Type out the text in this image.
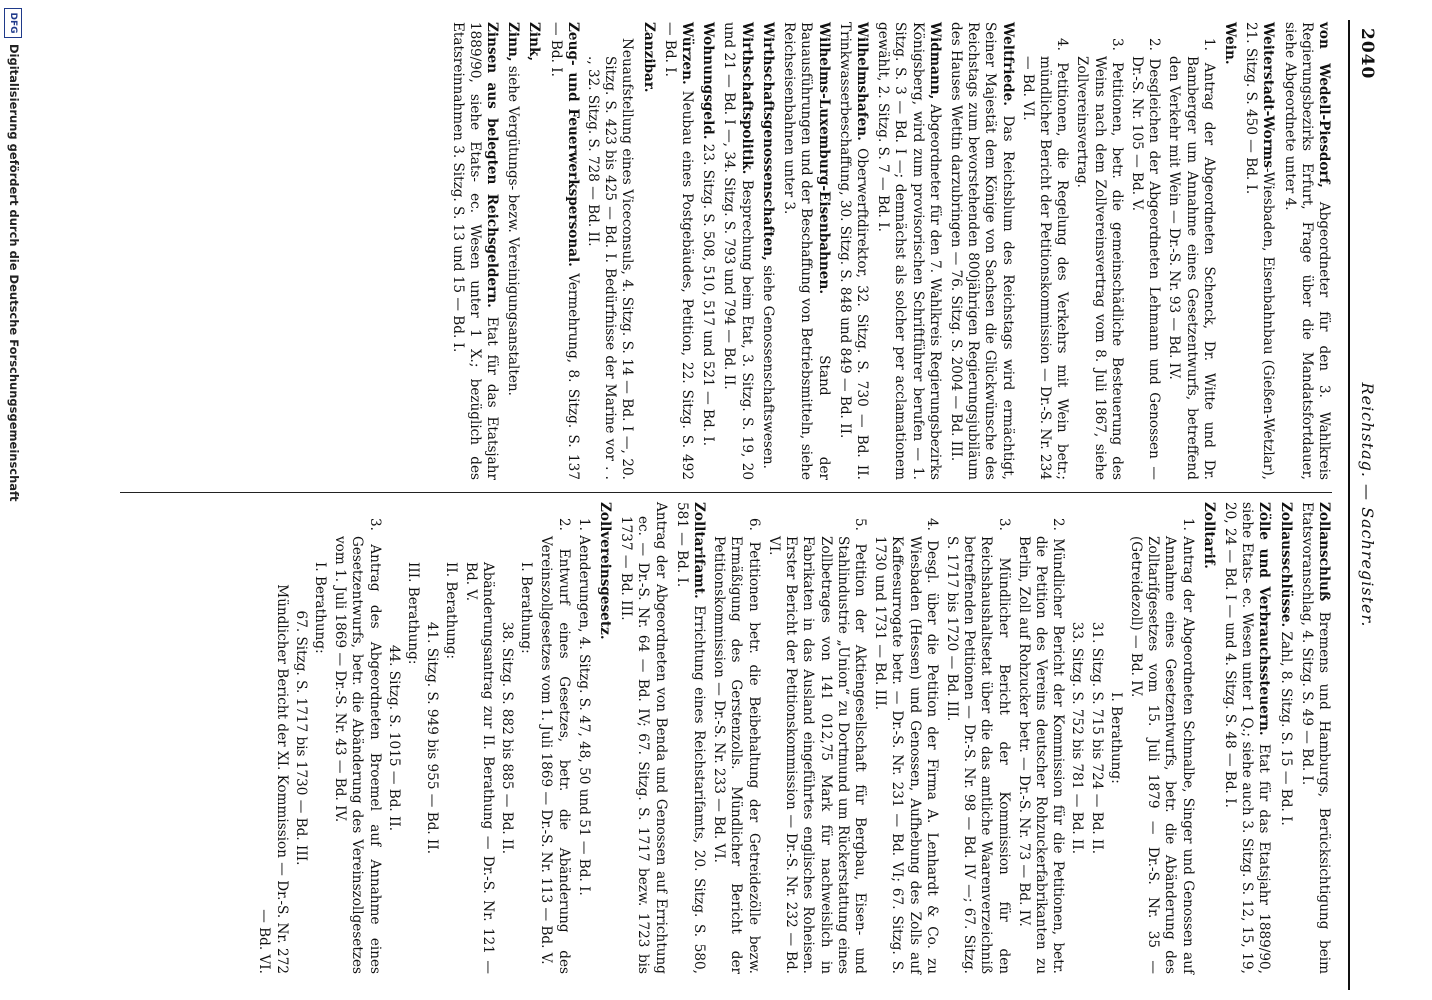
2040
Reichstag. — Sachregister.
von Wedell-Piesdorf, Abgeordneter für den 3. Wahlkreis Regierungsbezirks Erfurt, Frage über die Mandatsfortdauer, siehe Abgeordnete unter 4.
Weiterstadt-Worms-Wiesbaden, Eisenbahnbau (Gießen-Wetzlar), 21. Sitzg. S. 450 — Bd. I.
Wein.
1. Antrag der Abgeordneten Schenck, Dr. Witte und Dr. Bamberger um Annahme eines Gesetzentwurfs, betreffend den Verkehr mit Wein — Dr.-S. Nr. 93 — Bd. IV.
2. Desgleichen der Abgeordneten Lehmann und Genossen — Dr.-S. Nr. 105 — Bd. V.
3. Petitionen, betr. die gemeinschädliche Besteuerung des Weins nach dem Zollvereinsvertrag vom 8. Juli 1867, siehe Zollvereinsvertrag.
4. Petitionen, die Regelung des Verkehrs mit Wein betr.; mündlicher Bericht der Petitionskommission — Dr.-S. Nr. 234 — Bd. VI.
Weltfriede. Das Reichsblum des Reichstags wird ermächtigt, Seiner Majestät dem Könige von Sachsen die Glückwünsche des Reichstags zum bevorstehenden 800jährigen Regierungsjubiläum des Hauses Wettin darzubringen — 76. Sitzg. S. 2004 — Bd. III.
Widmann, Abgeordneter für den 7. Wahlkreis Regierungsbezirks Königsberg, wird zum provisorischen Schriftführer berufen — 1. Sitzg. S. 3 — Bd. I —; demnächst als solcher per acclamationem gewählt, 2. Sitzg. S. 7 — Bd. I.
Wilhelmshafen. Oberwerftdirektor, 32. Sitzg. S. 730 — Bd. II. Trinkwasserbeschaffung, 30. Sitzg. S. 848 und 849 — Bd. II.
Wilhelms-Luxemburg-Eisenbahnen. Stand der Bauausführungen und der Beschaffung von Betriebsmitteln, siehe Reichseisenbahnen unter 3.
Wirthschaftsgenossenschaften, siehe Genossenschaftswesen.
Wirthschaftspolitik. Besprechung beim Etat, 3. Sitzg. S. 19, 20 und 21 — Bd. I —, 34. Sitzg. S. 793 und 794 — Bd. II.
Wohnungsgeld. 23. Sitzg. S. 508, 510, 517 und 521 — Bd. I.
Würzen. Neubau eines Postgebäudes, Petition, 22. Sitzg. S. 492 — Bd. I.
Zanzibar.
Neuaufstellung eines Viceconsuls, 4. Sitzg. S. 14 — Bd. I —, 20. Sitzg. S. 423 bis 425 — Bd. I. Bedürfnisse der Marine vor . . ., 32. Sitzg. S. 728 — Bd. II.
Zeug- und Feuerwerkspersonal. Vermehrung, 8. Sitzg. S. 137 — Bd. I.
Zink,
Zinn, siehe Vergütungs- bezw. Vereinigungsanstalten.
Zinsen aus belegten Reichsgeldern. Etat für das Etatsjahr 1889/90, siehe Etats- ec. Wesen unter 1 X.; bezüglich des Etatsreinnahmen 3. Sitzg. S. 13 und 15 — Bd. I.
Zollanschluß Bremens und Hamburgs, Berücksichtigung beim Etatsvoranschlag, 4. Sitzg. S. 49 — Bd. I.
Zollausschlüsse. Zahl, 8. Sitzg. S. 15 — Bd. I.
Zölle und Verbrauchssteuern. Etat für das Etatsjahr 1889/90, siehe Etats- ec. Wesen unter 1 Q.; siehe auch 3. Sitzg. S. 12, 15, 19, 20, 24 — Bd. I — und 4. Sitzg. S. 48 — Bd. I.
Zolltarif.
1. Antrag der Abgeordneten Schmalbe, Singer und Genossen auf Annahme eines Gesetzentwurfs, betr. die Abänderung des Zolltarifgesetzes vom 15. Juli 1879 — Dr.-S. Nr. 35 — (Getreidezoll) — Bd. IV.
I. Berathung:
31. Sitzg. S. 715 bis 724 — Bd. II.
33. Sitzg. S. 752 bis 781 — Bd. II.
2. Mündlicher Bericht der Kommission für die Petitionen, betr. die Petition des Vereins deutscher Rohzuckerfabrikanten zu Berlin, Zoll auf Rohzucker betr. — Dr.-S. Nr. 73 — Bd. IV.
3. Mündlicher Bericht der Kommission für den Reichshaushaltsetat über die das amtliche Waarenverzeichniß betreffenden Petitionen — Dr.-S. Nr. 98 — Bd. IV —; 67. Sitzg. S. 1717 bis 1720 — Bd. III.
4. Desgl. über die Petition der Firma A. Lenhardt & Co. zu Wiesbaden (Hessen) und Genossen, Aufhebung des Zolls auf Kaffeesurrogate betr. — Dr.-S. Nr. 231 — Bd. VI; 67. Sitzg. S. 1730 und 1731 — Bd. III.
5. Petition der Aktiengesellschaft für Bergbau, Eisen- und Stahlindustrie „Union“ zu Dortmund um Rückerstattung eines Zollbetrages von 141 012,75 Mark für nachweislich in Fabrikaten in das Ausland eingeführtes englisches Roheisen. Erster Bericht der Petitionskommission — Dr.-S. Nr. 232 — Bd. VI.
6. Petitionen betr. die Beibehaltung der Getreidezölle bezw. Ermäßigung des Gerstenzolls. Mündlicher Bericht der Petitionskommission — Dr.-S. Nr. 233 — Bd. VI.
Zolltarifamt. Errichtung eines Reichstarifamts, 20. Sitzg. S. 580, 581 — Bd. I.
Antrag der Abgeordneten von Benda und Genossen auf Errichtung ec. — Dr.-S. Nr. 64 — Bd. IV; 67. Sitzg. S. 1717 bezw. 1723 bis 1737 — Bd. III.
Zollvereinsgesetz.
1. Aenderungen, 4. Sitzg. S. 47, 48, 50 und 51 — Bd. I.
2. Entwurf eines Gesetzes, betr. die Abänderung des Vereinszollgesetzes vom 1. Juli 1869 — Dr.-S. Nr. 113 — Bd. V.
I. Berathung:
38. Sitzg. S. 882 bis 885 — Bd. II.
Abänderungsantrag zur II. Berathung — Dr.-S. Nr. 121 — Bd. V.
II. Berathung:
41. Sitzg. S. 949 bis 955 — Bd. II.
III. Berathung:
44. Sitzg. S. 1015 — Bd. II.
3. Antrag des Abgeordneten Broemel auf Annahme eines Gesetzentwurfs, betr. die Abänderung des Vereinszollgesetzes vom 1. Juli 1869 — Dr.-S. Nr. 43 — Bd. IV.
I. Berathung:
67. Sitzg. S. 1717 bis 1730 — Bd. III.
Mündlicher Bericht der XI. Kommission — Dr.-S. Nr. 272 — Bd. VI.
DFG
Digitalisierung gefördert durch die Deutsche Forschungsgemeinschaft
